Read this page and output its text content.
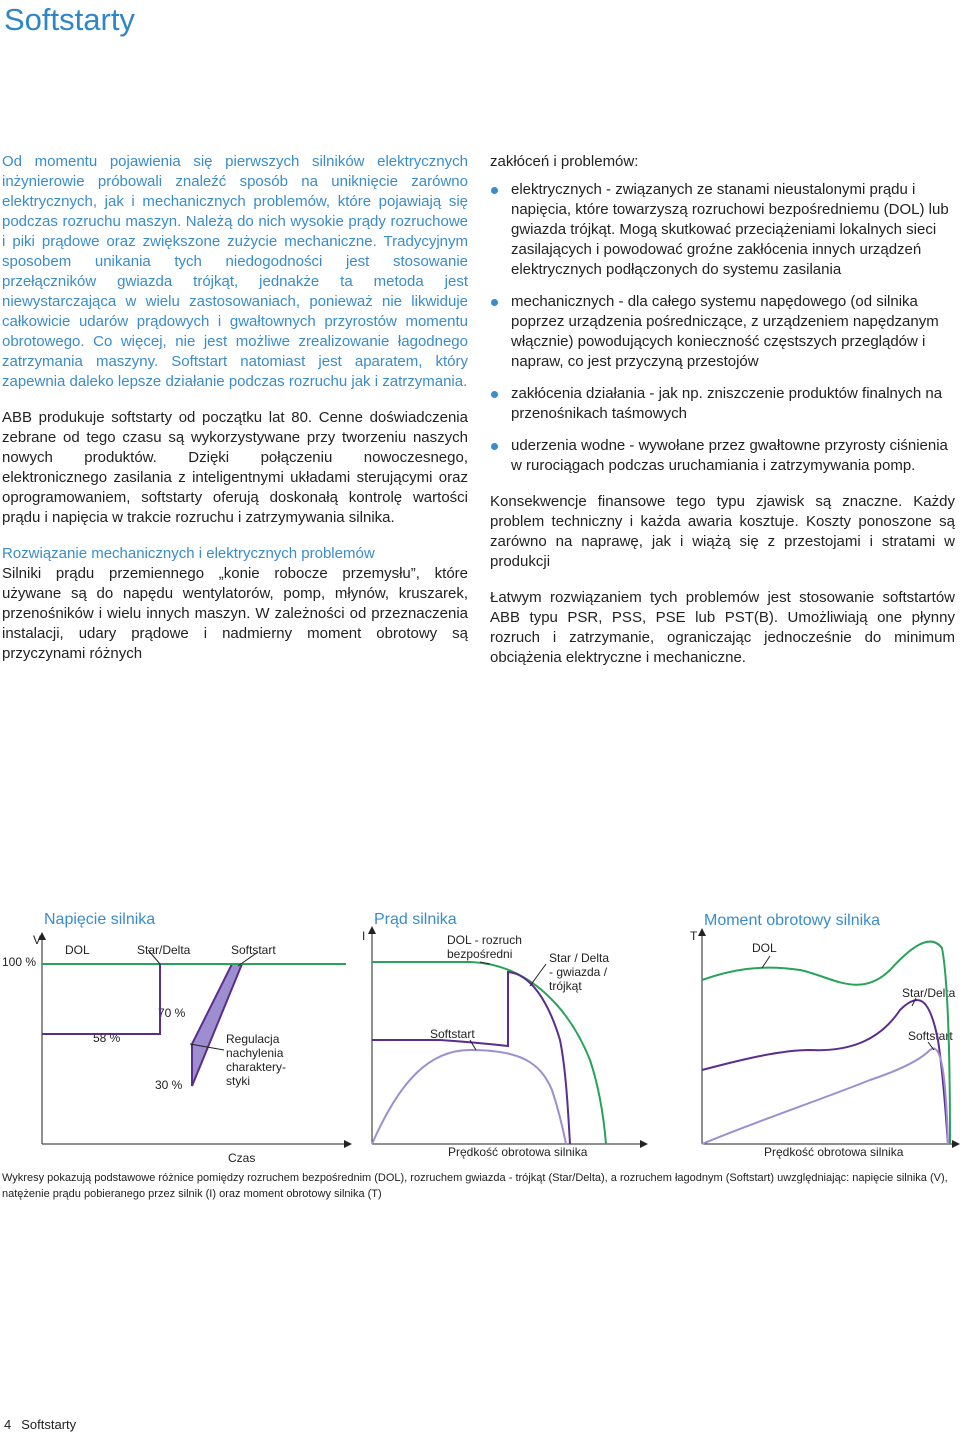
Softstarty

Od momentu pojawienia się pierwszych silników elektrycznych inżynierowie próbowali znaleźć sposób na uniknięcie zarówno elektrycznych, jak i mechanicznych problemów, które pojawiają się podczas rozruchu maszyn. Należą do nich wysokie prądy rozruchowe i piki prądowe oraz zwiększone zużycie mechaniczne. Tradycyjnym sposobem unikania tych niedogodności jest stosowanie przełączników gwiazda trójkąt, jednakże ta metoda jest niewystarczająca w wielu zastosowaniach, ponieważ nie likwiduje całkowicie udarów prądowych i gwałtownych przyrostów momentu obrotowego. Co więcej, nie jest możliwe zrealizowanie łagodnego zatrzymania maszyny. Softstart natomiast jest aparatem, który zapewnia daleko lepsze działanie podczas rozruchu jak i zatrzymania.

ABB produkuje softstarty od początku lat 80. Cenne doświadczenia zebrane od tego czasu są wykorzystywane przy tworzeniu naszych nowych produktów. Dzięki połączeniu nowoczesnego, elektronicznego zasilania z inteligentnymi układami sterującymi oraz oprogramowaniem, softstarty oferują doskonałą kontrolę wartości prądu i napięcia w trakcie rozruchu i zatrzymywania silnika.

Rozwiązanie mechanicznych i elektrycznych problemów
Silniki prądu przemiennego „konie robocze przemysłu”, które używane są do napędu wentylatorów, pomp, młynów, kruszarek, przenośników i wielu innych maszyn. W zależności od przeznaczenia instalacji, udary prądowe i nadmierny moment obrotowy są przyczynami różnych

zakłóceń i problemów:

elektrycznych - związanych ze stanami nieustalonymi prądu i napięcia, które towarzyszą rozruchowi bezpośredniemu (DOL) lub gwiazda trójkąt. Mogą skutkować przeciążeniami lokalnych sieci zasilających i powodować groźne zakłócenia innych urządzeń elektrycznych podłączonych do systemu zasilania
mechanicznych - dla całego systemu napędowego (od silnika poprzez urządzenia pośredniczące, z urządzeniem napędzanym włącznie) powodujących konieczność częstszych przeglądów i napraw, co jest przyczyną przestojów
zakłócenia działania - jak np. zniszczenie produktów finalnych na przenośnikach taśmowych
uderzenia wodne - wywołane przez gwałtowne przyrosty ciśnienia w rurociągach podczas uruchamiania i zatrzymywania pomp.

Konsekwencje finansowe tego typu zjawisk są znaczne. Każdy problem techniczny i każda awaria kosztuje. Koszty ponoszone są zarówno na naprawę, jak i wiążą się z przestojami i stratami w produkcji

Łatwym rozwiązaniem tych problemów jest stosowanie softstartów ABB typu PSR, PSS, PSE lub PST(B). Umożliwiają one płynny rozruch i zatrzymanie, ograniczając jednocześnie do minimum obciążenia elektryczne i mechaniczne.

Napięcie silnika
V
100 %
70 %
58 %
30 %
DOL	Star/Delta	Softstart
Regulacja
nachylenia
charaktery-
styki
Czas
Prąd silnika
I	DOL - rozruch
bezpośredni	Star / Delta
- gwiazda /
trójkąt
Softstart
Prędkość obrotowa silnika
Moment obrotowy silnika
T
DOL
Star/Delta
Softstart
Prędkość obrotowa silnika
Wykresy pokazują podstawowe różnice pomiędzy rozruchem bezpośrednim (DOL), rozruchem gwiazda - trójkąt (Star/Delta), a rozruchem łagodnym (Softstart) uwzględniając: napięcie silnika (V), natężenie prądu pobieranego przez silnik (I) oraz moment obrotowy silnika (T)
4 Softstarty
